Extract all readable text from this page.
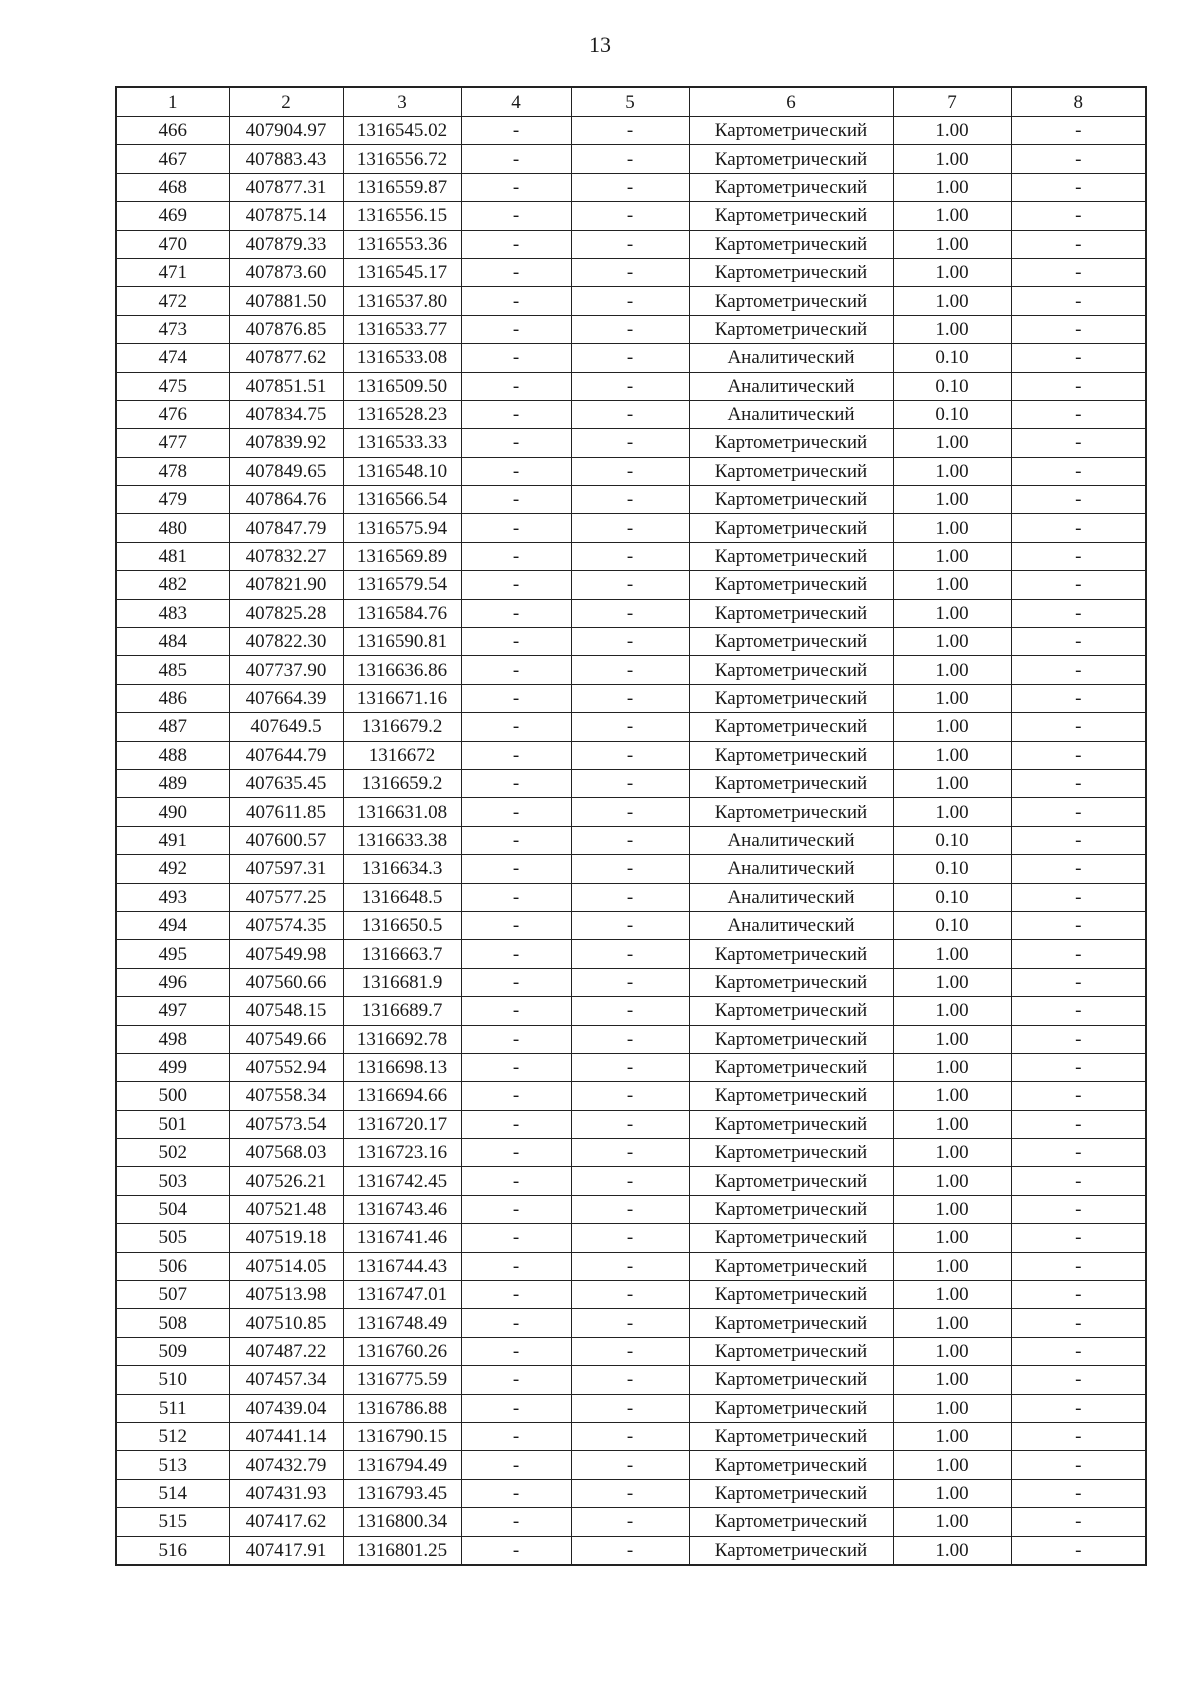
13
1	2	3	4	5	6	7	8
466	407904.97	1316545.02	-	-	Картометрический	1.00	-
467	407883.43	1316556.72	-	-	Картометрический	1.00	-
468	407877.31	1316559.87	-	-	Картометрический	1.00	-
469	407875.14	1316556.15	-	-	Картометрический	1.00	-
470	407879.33	1316553.36	-	-	Картометрический	1.00	-
471	407873.60	1316545.17	-	-	Картометрический	1.00	-
472	407881.50	1316537.80	-	-	Картометрический	1.00	-
473	407876.85	1316533.77	-	-	Картометрический	1.00	-
474	407877.62	1316533.08	-	-	Аналитический	0.10	-
475	407851.51	1316509.50	-	-	Аналитический	0.10	-
476	407834.75	1316528.23	-	-	Аналитический	0.10	-
477	407839.92	1316533.33	-	-	Картометрический	1.00	-
478	407849.65	1316548.10	-	-	Картометрический	1.00	-
479	407864.76	1316566.54	-	-	Картометрический	1.00	-
480	407847.79	1316575.94	-	-	Картометрический	1.00	-
481	407832.27	1316569.89	-	-	Картометрический	1.00	-
482	407821.90	1316579.54	-	-	Картометрический	1.00	-
483	407825.28	1316584.76	-	-	Картометрический	1.00	-
484	407822.30	1316590.81	-	-	Картометрический	1.00	-
485	407737.90	1316636.86	-	-	Картометрический	1.00	-
486	407664.39	1316671.16	-	-	Картометрический	1.00	-
487	407649.5	1316679.2	-	-	Картометрический	1.00	-
488	407644.79	1316672	-	-	Картометрический	1.00	-
489	407635.45	1316659.2	-	-	Картометрический	1.00	-
490	407611.85	1316631.08	-	-	Картометрический	1.00	-
491	407600.57	1316633.38	-	-	Аналитический	0.10	-
492	407597.31	1316634.3	-	-	Аналитический	0.10	-
493	407577.25	1316648.5	-	-	Аналитический	0.10	-
494	407574.35	1316650.5	-	-	Аналитический	0.10	-
495	407549.98	1316663.7	-	-	Картометрический	1.00	-
496	407560.66	1316681.9	-	-	Картометрический	1.00	-
497	407548.15	1316689.7	-	-	Картометрический	1.00	-
498	407549.66	1316692.78	-	-	Картометрический	1.00	-
499	407552.94	1316698.13	-	-	Картометрический	1.00	-
500	407558.34	1316694.66	-	-	Картометрический	1.00	-
501	407573.54	1316720.17	-	-	Картометрический	1.00	-
502	407568.03	1316723.16	-	-	Картометрический	1.00	-
503	407526.21	1316742.45	-	-	Картометрический	1.00	-
504	407521.48	1316743.46	-	-	Картометрический	1.00	-
505	407519.18	1316741.46	-	-	Картометрический	1.00	-
506	407514.05	1316744.43	-	-	Картометрический	1.00	-
507	407513.98	1316747.01	-	-	Картометрический	1.00	-
508	407510.85	1316748.49	-	-	Картометрический	1.00	-
509	407487.22	1316760.26	-	-	Картометрический	1.00	-
510	407457.34	1316775.59	-	-	Картометрический	1.00	-
511	407439.04	1316786.88	-	-	Картометрический	1.00	-
512	407441.14	1316790.15	-	-	Картометрический	1.00	-
513	407432.79	1316794.49	-	-	Картометрический	1.00	-
514	407431.93	1316793.45	-	-	Картометрический	1.00	-
515	407417.62	1316800.34	-	-	Картометрический	1.00	-
516	407417.91	1316801.25	-	-	Картометрический	1.00	-
